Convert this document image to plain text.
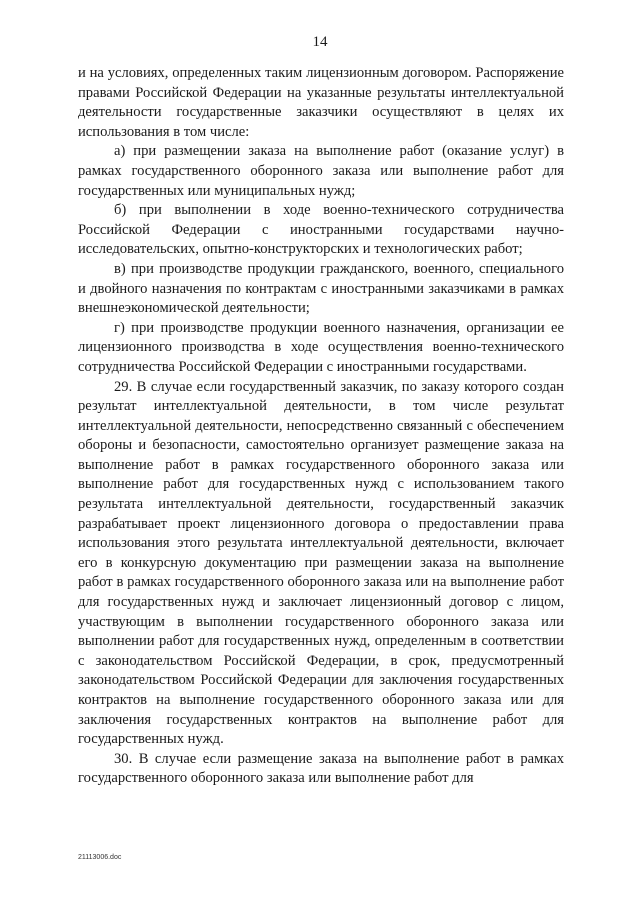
14

и на условиях, определенных таким лицензионным договором. Распоряжение правами Российской Федерации на указанные результаты интеллектуальной деятельности государственные заказчики осуществляют в целях их использования в том числе:

а) при размещении заказа на выполнение работ (оказание услуг) в рамках государственного оборонного заказа или выполнение работ для государственных или муниципальных нужд;

б) при выполнении в ходе военно-технического сотрудничества Российской Федерации с иностранными государствами научно-исследовательских, опытно-конструкторских и технологических работ;

в) при производстве продукции гражданского, военного, специального и двойного назначения по контрактам с иностранными заказчиками в рамках внешнеэкономической деятельности;

г) при производстве продукции военного назначения, организации ее лицензионного производства в ходе осуществления военно-технического сотрудничества Российской Федерации с иностранными государствами.

29. В случае если государственный заказчик, по заказу которого создан результат интеллектуальной деятельности, в том числе результат интеллектуальной деятельности, непосредственно связанный с обеспечением обороны и безопасности, самостоятельно организует размещение заказа на выполнение работ в рамках государственного оборонного заказа или выполнение работ для государственных нужд с использованием такого результата интеллектуальной деятельности, государственный заказчик разрабатывает проект лицензионного договора о предоставлении права использования этого результата интеллектуальной деятельности, включает его в конкурсную документацию при размещении заказа на выполнение работ в рамках государственного оборонного заказа или на выполнение работ для государственных нужд и заключает лицензионный договор с лицом, участвующим в выполнении государственного оборонного заказа или выполнении работ для государственных нужд, определенным в соответствии с законодательством Российской Федерации, в срок, предусмотренный законодательством Российской Федерации для заключения государственных контрактов на выполнение государственного оборонного заказа или для заключения государственных контрактов на выполнение работ для государственных нужд.

30. В случае если размещение заказа на выполнение работ в рамках государственного оборонного заказа или выполнение работ для

21113006.doc
